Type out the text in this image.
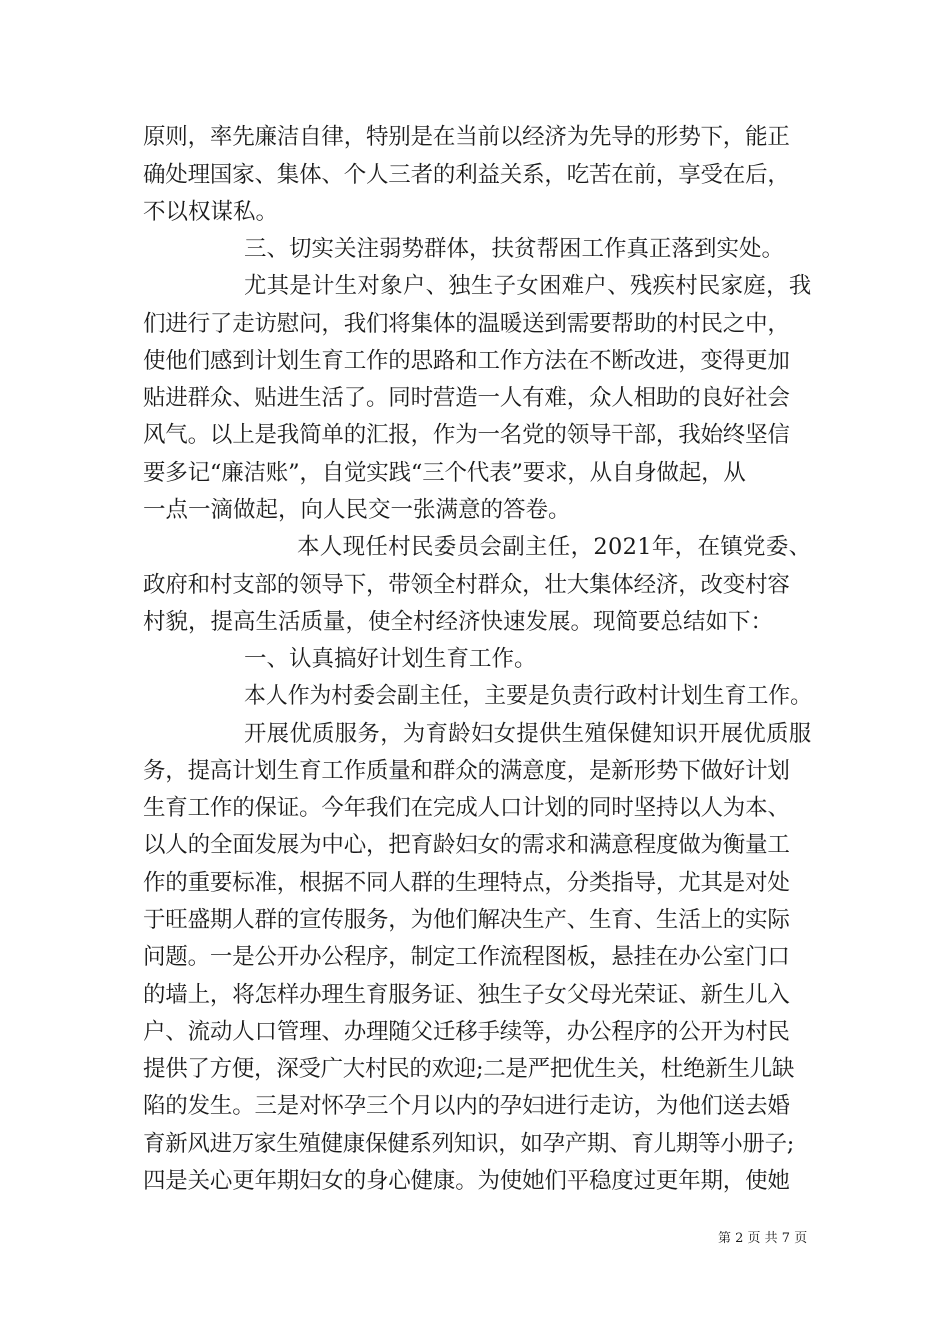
原则，率先廉洁自律，特别是在当前以经济为先导的形势下，能正
确处理国家、集体、个人三者的利益关系，吃苦在前，享受在后，
不以权谋私。
三、切实关注弱势群体，扶贫帮困工作真正落到实处。
尤其是计生对象户、独生子女困难户、残疾村民家庭，我
们进行了走访慰问，我们将集体的温暖送到需要帮助的村民之中，
使他们感到计划生育工作的思路和工作方法在不断改进，变得更加
贴进群众、贴进生活了。同时营造一人有难，众人相助的良好社会
风气。以上是我简单的汇报，作为一名党的领导干部，我始终坚信
要多记“廉洁账”，自觉实践“三个代表”要求，从自身做起，从
一点一滴做起，向人民交一张满意的答卷。
本人现任村民委员会副主任，2021年，在镇党委、
政府和村支部的领导下，带领全村群众，壮大集体经济，改变村容
村貌，提高生活质量，使全村经济快速发展。现简要总结如下：
一、认真搞好计划生育工作。
本人作为村委会副主任，主要是负责行政村计划生育工作。
开展优质服务，为育龄妇女提供生殖保健知识开展优质服
务，提高计划生育工作质量和群众的满意度，是新形势下做好计划
生育工作的保证。今年我们在完成人口计划的同时坚持以人为本、
以人的全面发展为中心，把育龄妇女的需求和满意程度做为衡量工
作的重要标准，根据不同人群的生理特点，分类指导，尤其是对处
于旺盛期人群的宣传服务，为他们解决生产、生育、生活上的实际
问题。一是公开办公程序，制定工作流程图板，悬挂在办公室门口
的墙上，将怎样办理生育服务证、独生子女父母光荣证、新生儿入
户、流动人口管理、办理随父迁移手续等，办公程序的公开为村民
提供了方便，深受广大村民的欢迎;二是严把优生关，杜绝新生儿缺
陷的发生。三是对怀孕三个月以内的孕妇进行走访，为他们送去婚
育新风进万家生殖健康保健系列知识，如孕产期、育儿期等小册子;
四是关心更年期妇女的身心健康。为使她们平稳度过更年期，使她
第 2 页 共 7 页
